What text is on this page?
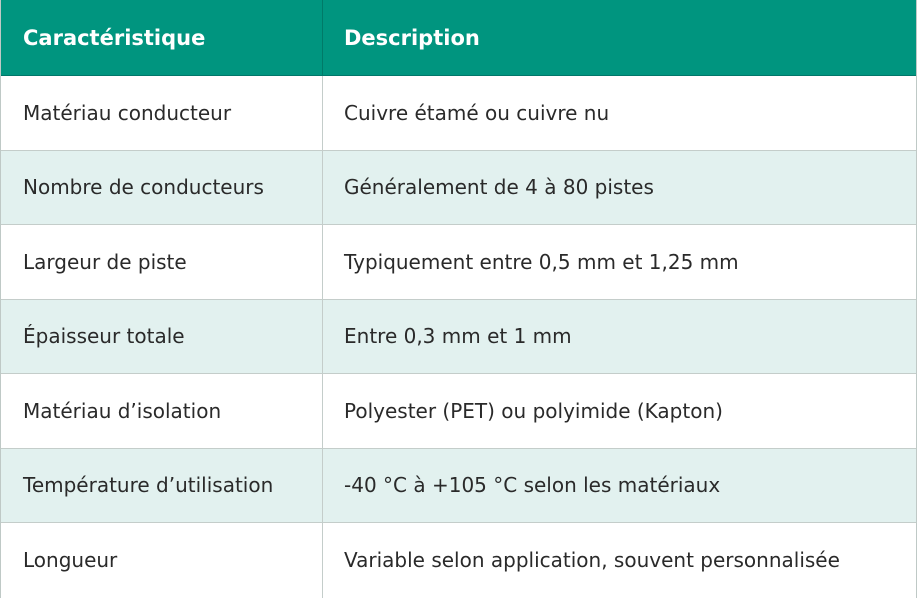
Caractéristique	Description
Matériau conducteur	Cuivre étamé ou cuivre nu
Nombre de conducteurs	Généralement de 4 à 80 pistes
Largeur de piste	Typiquement entre 0,5 mm et 1,25 mm
Épaisseur totale	Entre 0,3 mm et 1 mm
Matériau d’isolation	Polyester (PET) ou polyimide (Kapton)
Température d’utilisation	-40 °C à +105 °C selon les matériaux
Longueur	Variable selon application, souvent personnalisée
